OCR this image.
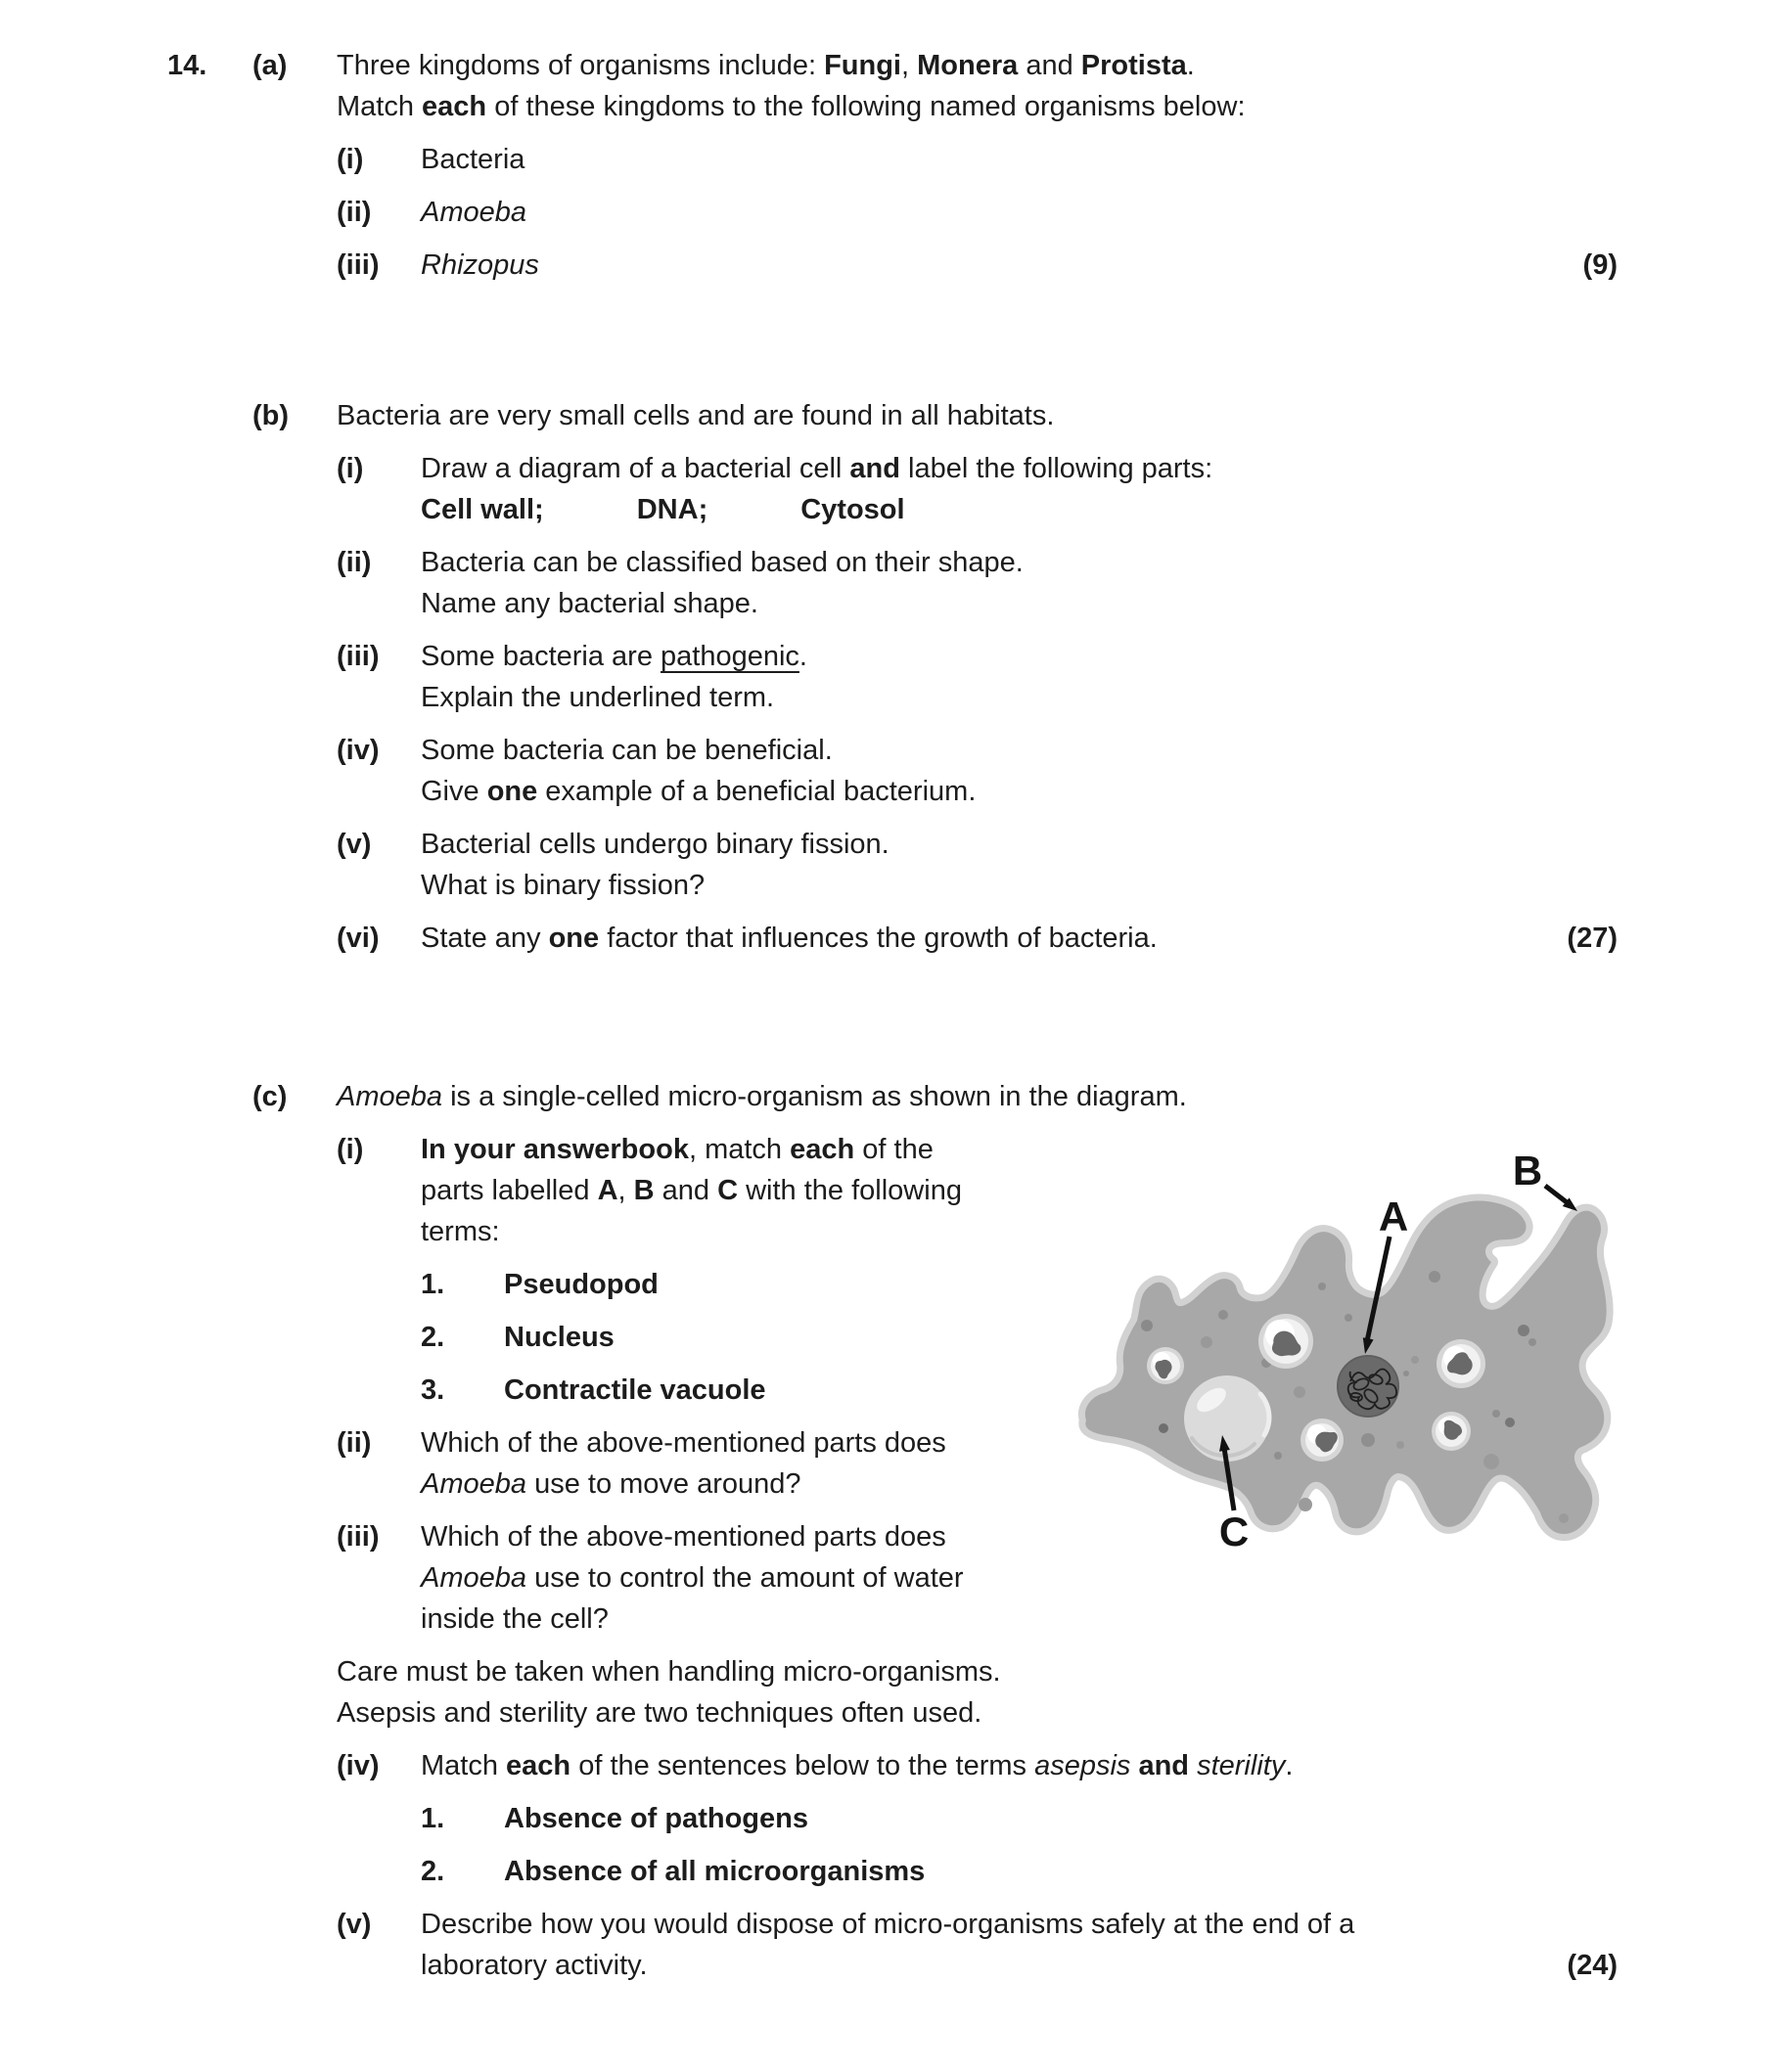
14.	(a)	Three kingdoms of organisms include: Fungi, Monera and Protista.
Match each of these kingdoms to the following named organisms below:
(i)	Bacteria
(ii)	Amoeba
(iii)	Rhizopus	(9)
(b)	Bacteria are very small cells and are found in all habitats.
(i)	Draw a diagram of a bacterial cell and label the following parts:
Cell wall;	DNA;	Cytosol
(ii)	Bacteria can be classified based on their shape.
Name any bacterial shape.
(iii)	Some bacteria are pathogenic.
Explain the underlined term.
(iv)	Some bacteria can be beneficial.
Give one example of a beneficial bacterium.
(v)	Bacterial cells undergo binary fission.
What is binary fission?
(vi)	State any one factor that influences the growth of bacteria.	(27)
(c)
A
B
C
Amoeba is a single-celled micro-organism as shown in the diagram.
(i)	In your answerbook, match each of the
parts labelled A, B and C with the following
terms:
1.	Pseudopod
2.	Nucleus
3.	Contractile vacuole
(ii)	Which of the above-mentioned parts does
Amoeba use to move around?
(iii)	Which of the above-mentioned parts does
Amoeba use to control the amount of water
inside the cell?
Care must be taken when handling micro-organisms.
Asepsis and sterility are two techniques often used.
(iv)	Match each of the sentences below to the terms asepsis and sterility.
1.	Absence of pathogens
2.	Absence of all microorganisms
(v)	Describe how you would dispose of micro-organisms safely at the end of a
laboratory activity.	(24)
